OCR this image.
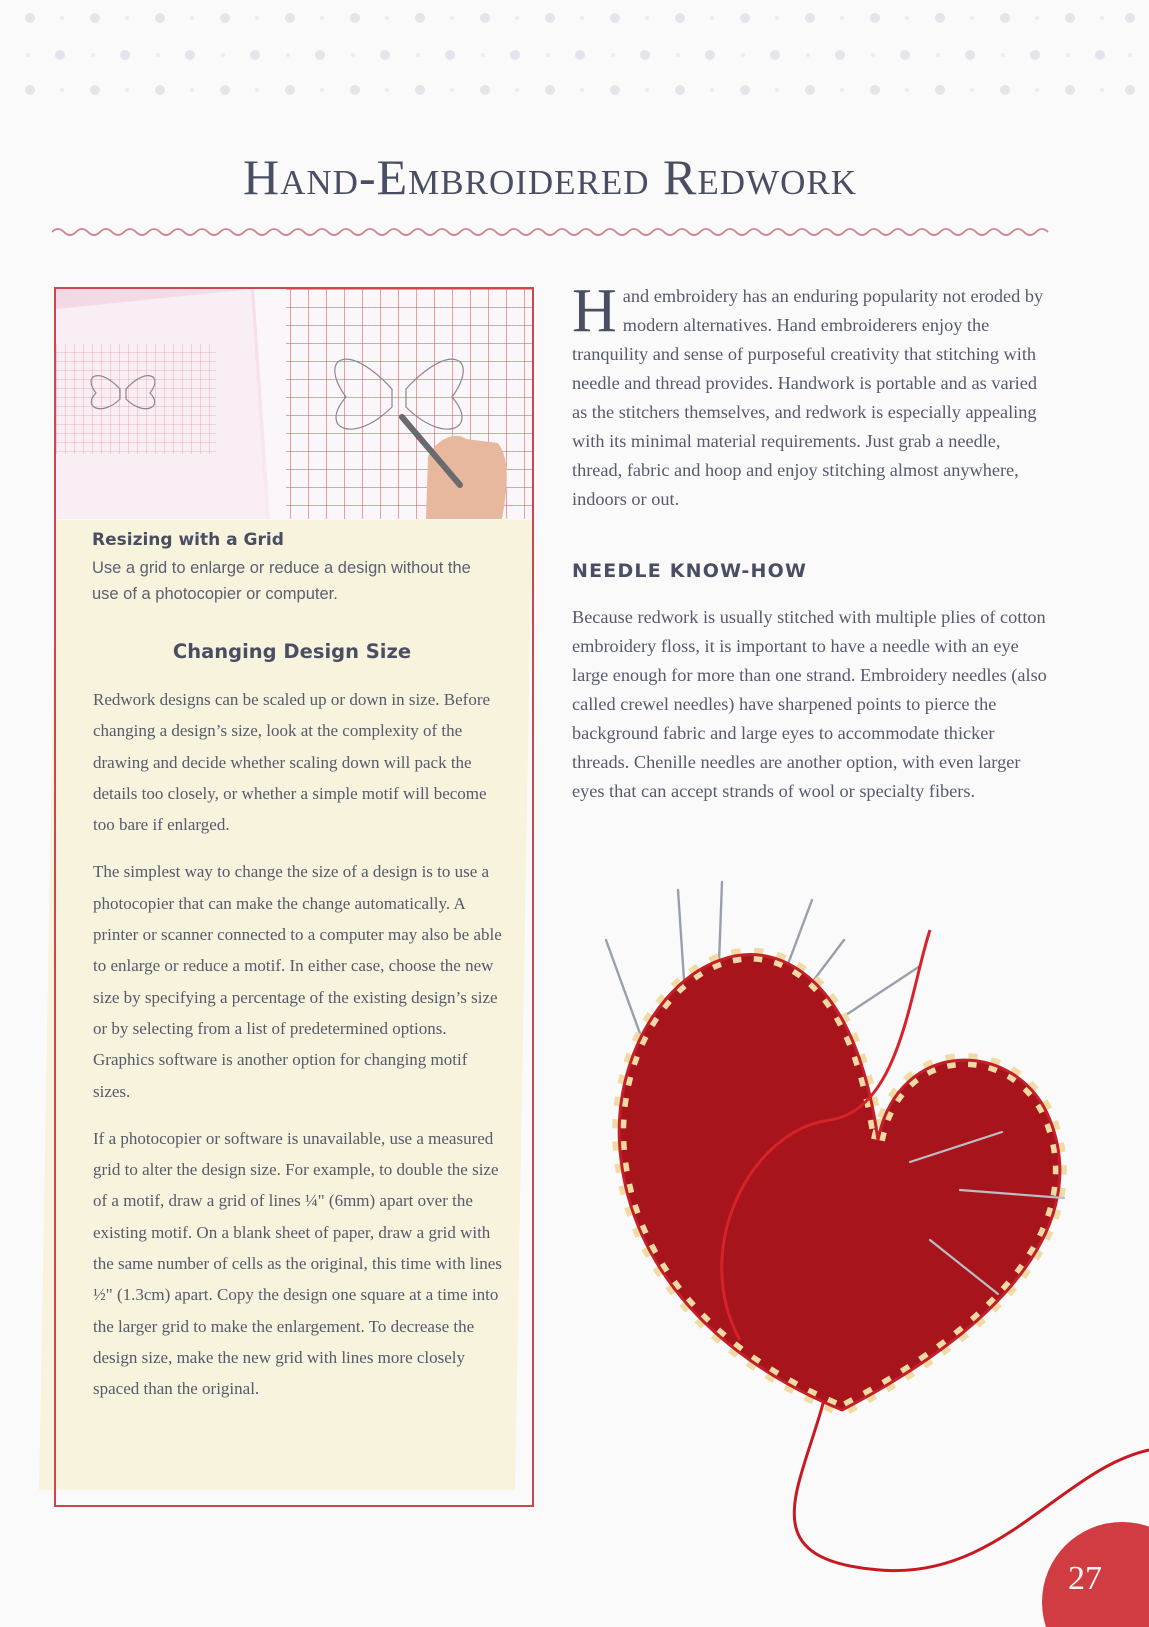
Hand-Embroidered Redwork
Resizing with a Grid
Use a grid to enlarge or reduce a design without the use of a photocopier or computer.
Changing Design Size

Redwork designs can be scaled up or down in size. Before changing a design’s size, look at the complexity of the drawing and decide whether scaling down will pack the details too closely, or whether a simple motif will become too bare if enlarged.

The simplest way to change the size of a design is to use a photocopier that can make the change automatically. A printer or scanner connected to a computer may also be able to enlarge or reduce a motif. In either case, choose the new size by specifying a percentage of the existing design’s size or by selecting from a list of predetermined options. Graphics software is another option for changing motif sizes.

If a photocopier or software is unavailable, use a measured grid to alter the design size. For example, to double the size of a motif, draw a grid of lines ¼" (6mm) apart over the existing motif. On a blank sheet of paper, draw a grid with the same number of cells as the original, this time with lines ½" (1.3cm) apart. Copy the design one square at a time into the larger grid to make the enlargement. To decrease the design size, make the new grid with lines more closely spaced than the original.

H and embroidery has an enduring popularity not eroded by modern alternatives. Hand embroiderers enjoy the tranquility and sense of purposeful creativity that stitching with needle and thread provides. Handwork is portable and as varied as the stitchers themselves, and redwork is especially appealing with its minimal material requirements. Just grab a needle, thread, fabric and hoop and enjoy stitching almost anywhere, indoors or out.

NEEDLE KNOW-HOW

Because redwork is usually stitched with multiple plies of cotton embroidery floss, it is important to have a needle with an eye large enough for more than one strand. Embroidery needles (also called crewel needles) have sharpened points to pierce the background fabric and large eyes to accommodate thicker threads. Chenille needles are another option, with even larger eyes that can accept strands of wool or specialty fibers.

27
